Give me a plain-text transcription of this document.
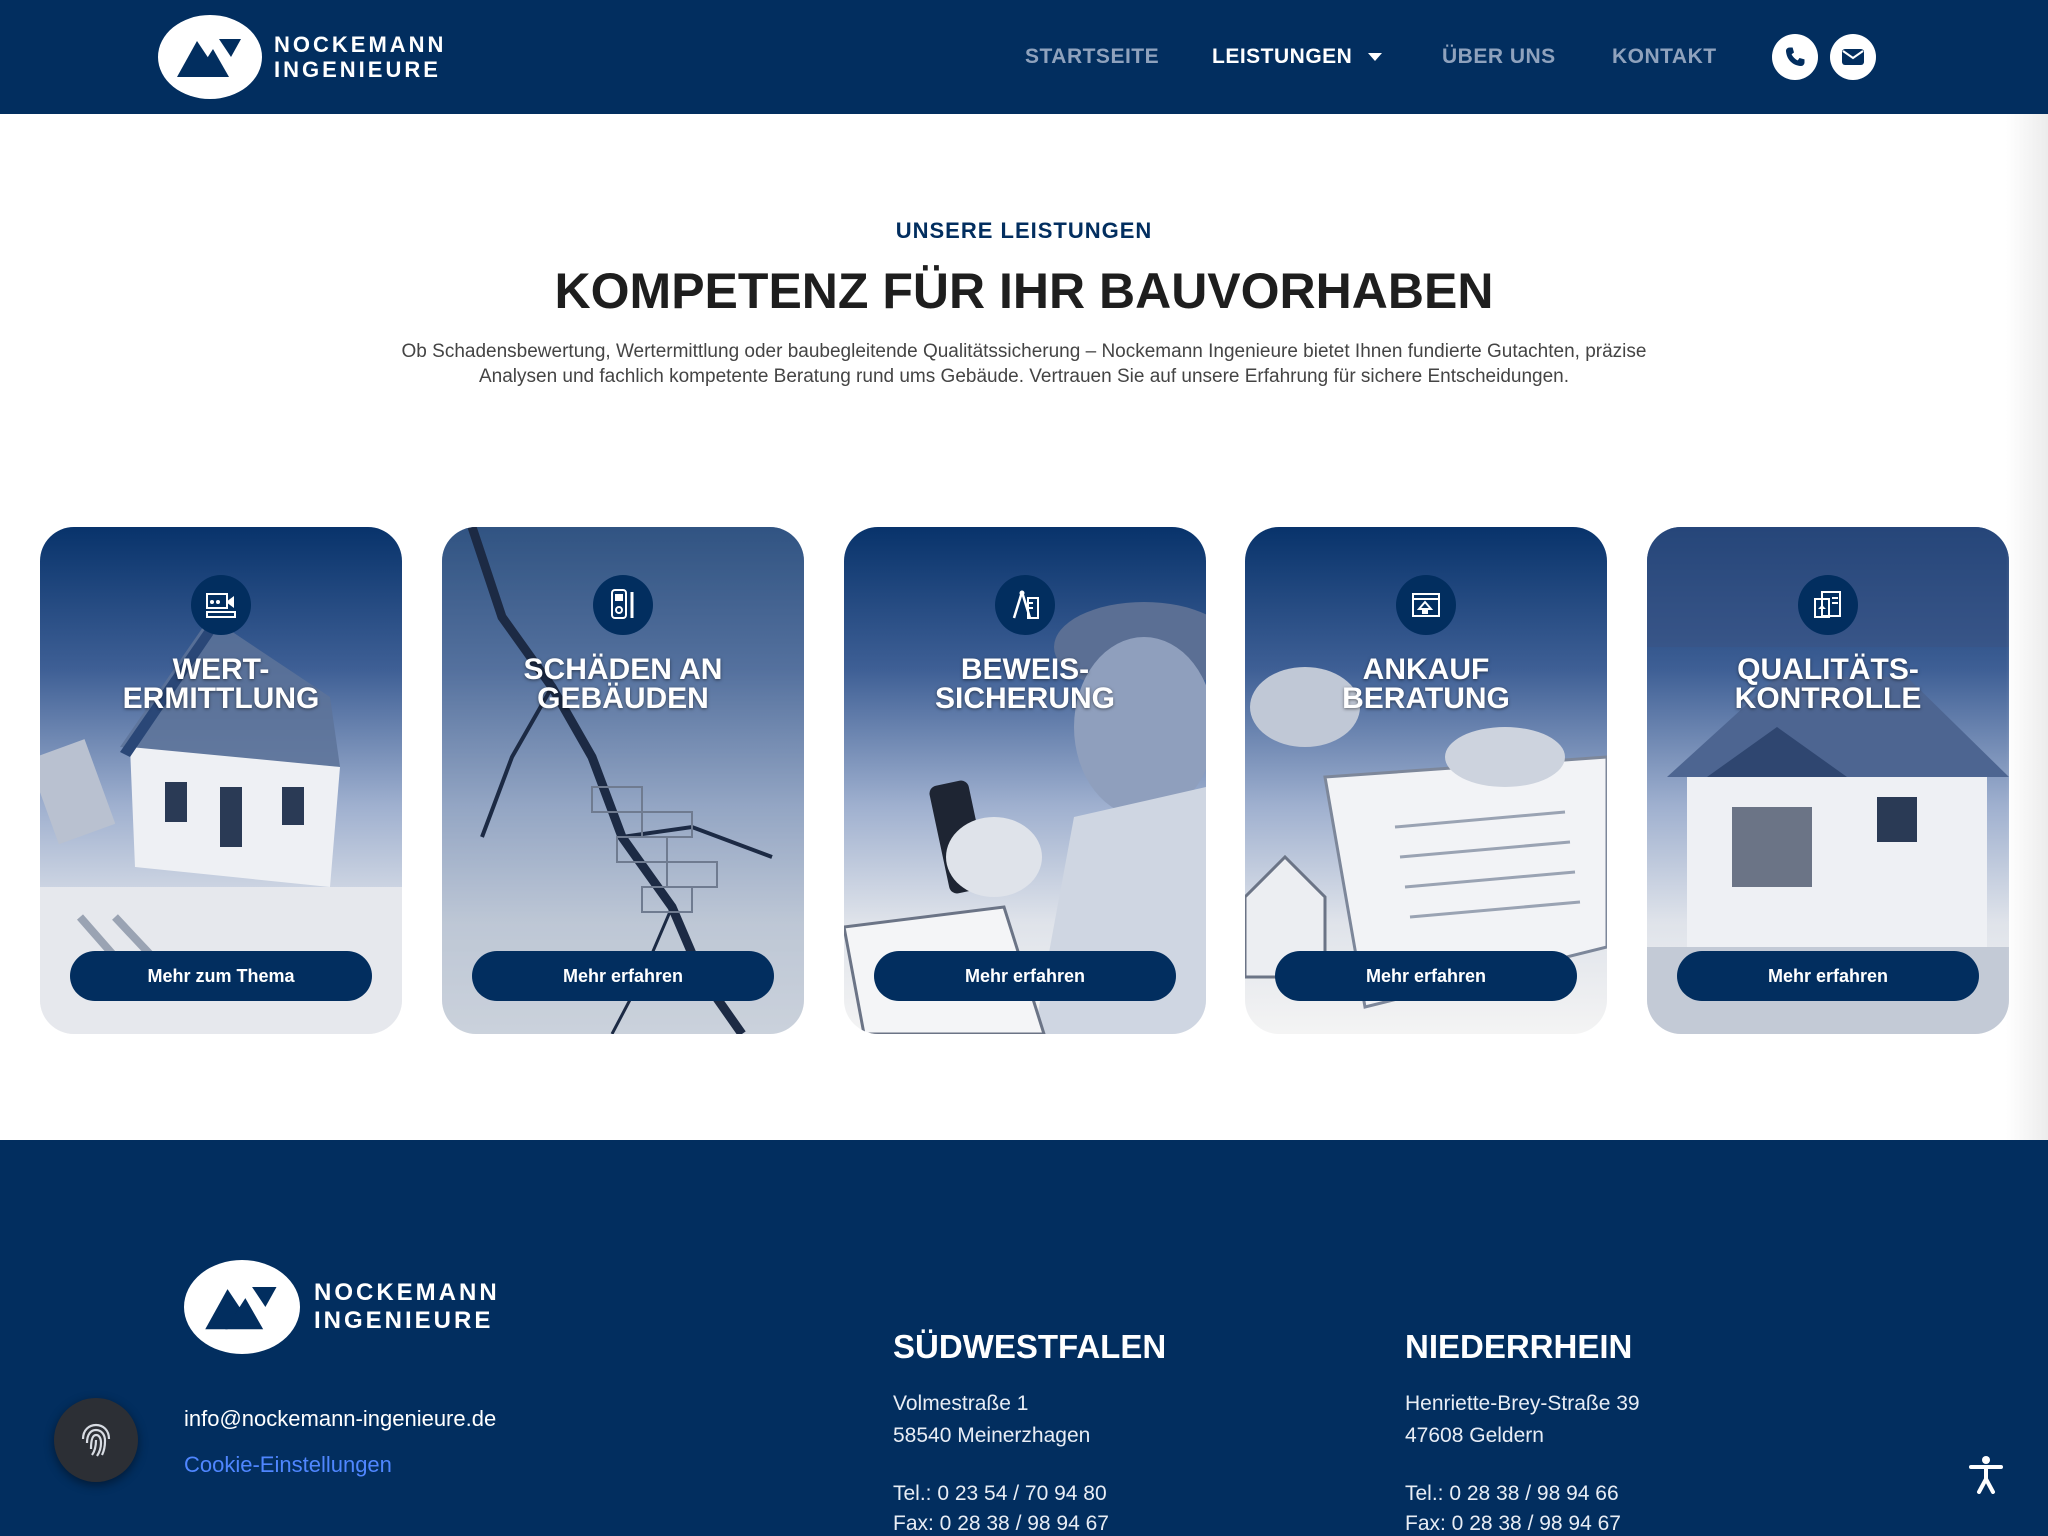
NOCKEMANN
INGENIEURE
STARTSEITE	LEISTUNGEN	ÜBER UNS	KONTAKT
UNSERE LEISTUNGEN
KOMPETENZ FÜR IHR BAUVORHABEN
Ob Schadensbewertung, Wertermittlung oder baubegleitende Qualitätssicherung – Nockemann Ingenieure bietet Ihnen fundierte Gutachten, präzise Analysen und fachlich kompetente Beratung rund ums Gebäude. Vertrauen Sie auf unsere Erfahrung für sichere Entscheidungen.
WERT-
ERMITTLUNG
Mehr zum Thema
SCHÄDEN AN
GEBÄUDEN
Mehr erfahren
BEWEIS-
SICHERUNG
Mehr erfahren
ANKAUF
BERATUNG
Mehr erfahren
QUALITÄTS-
KONTROLLE
Mehr erfahren
NOCKEMANN
INGENIEURE
info@nockemann-ingenieure.de
Cookie-Einstellungen
SÜDWESTFALEN
Volmestraße 1
58540 Meinerzhagen
Tel.: 0 23 54 / 70 94 80
Fax: 0 28 38 / 98 94 67
NIEDERRHEIN
Henriette-Brey-Straße 39
47608 Geldern
Tel.: 0 28 38 / 98 94 66
Fax: 0 28 38 / 98 94 67
